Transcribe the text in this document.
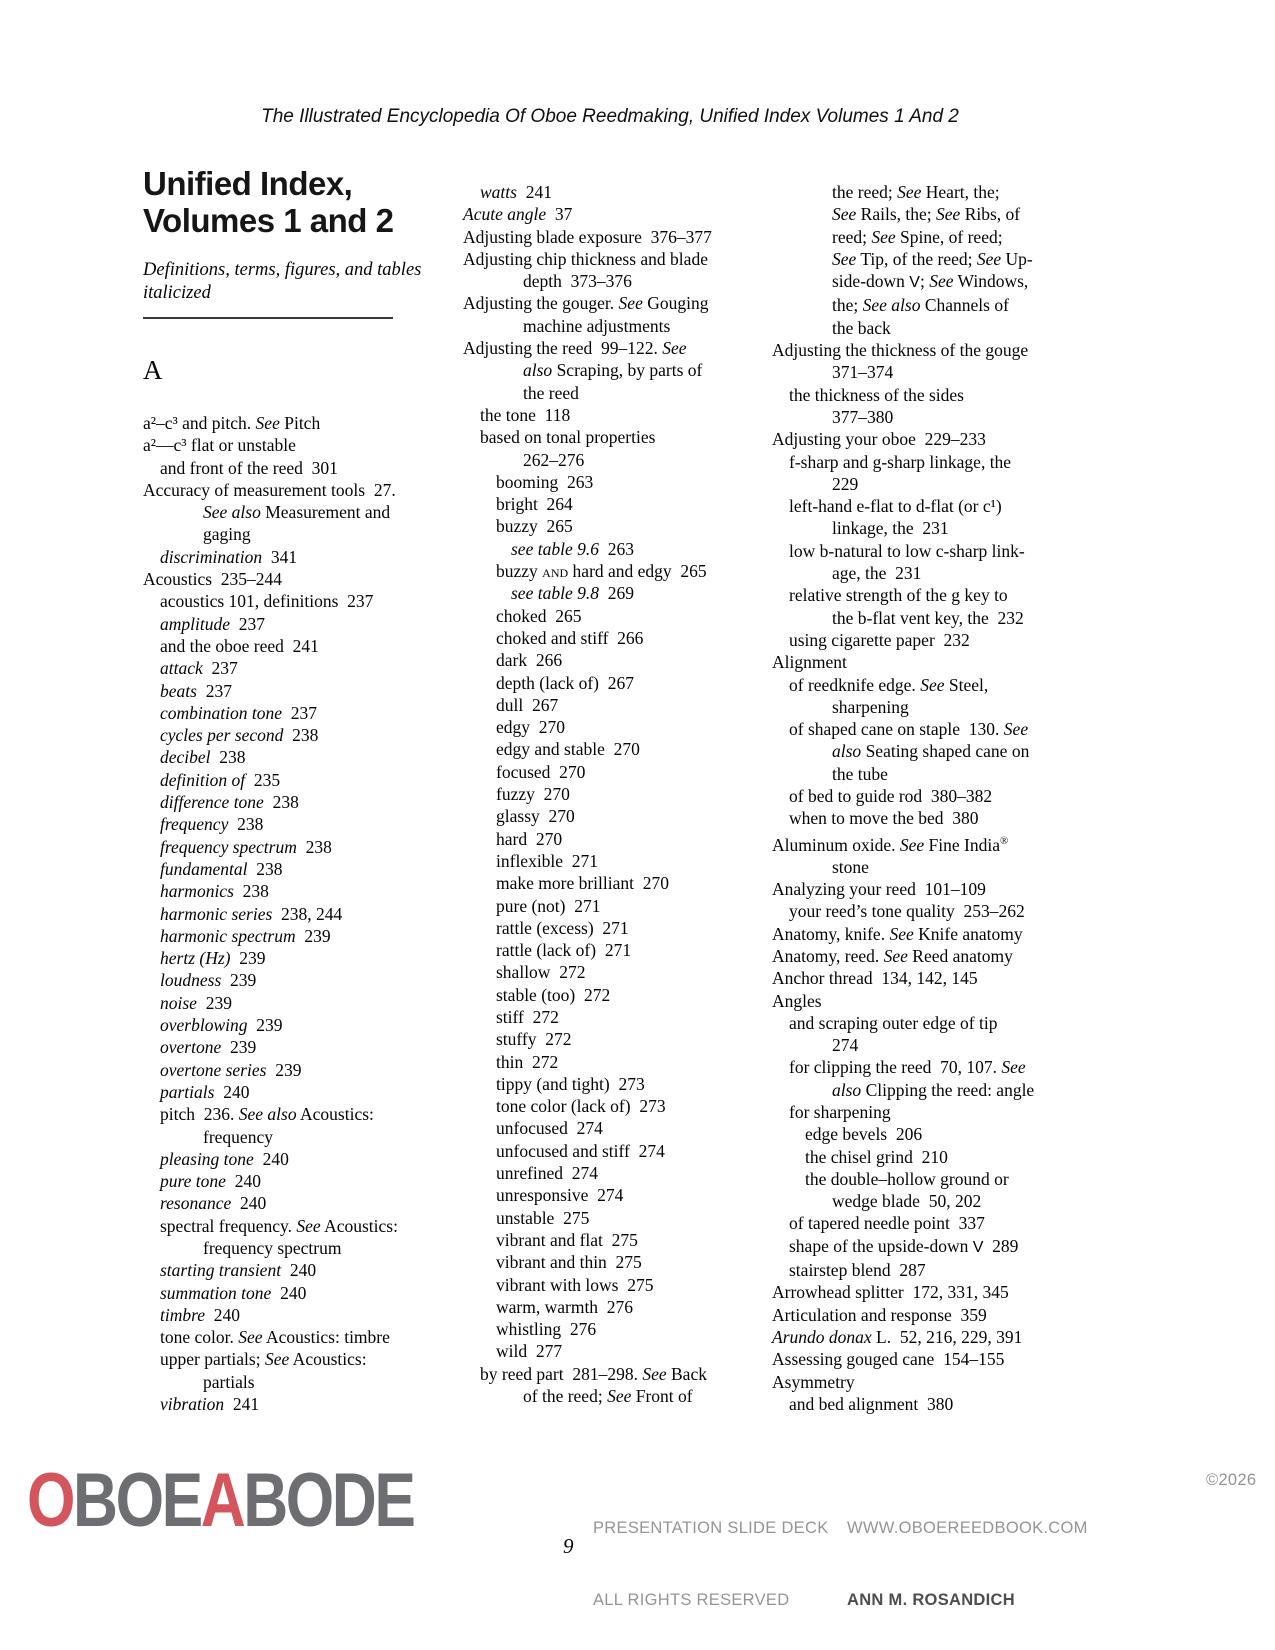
The Illustrated Encyclopedia Of Oboe Reedmaking, Unified Index Volumes 1 And 2
Unified Index,
Volumes 1 and 2
Definitions, terms, figures, and tables
italicized
A
a²–c³ and pitch. See Pitch
a²—c³ flat or unstable
and front of the reed  301
Accuracy of measurement tools  27.
See also Measurement and
gaging
discrimination  341
Acoustics  235–244
acoustics 101, definitions  237
amplitude  237
and the oboe reed  241
attack  237
beats  237
combination tone  237
cycles per second  238
decibel  238
definition of  235
difference tone  238
frequency  238
frequency spectrum  238
fundamental  238
harmonics  238
harmonic series  238, 244
harmonic spectrum  239
hertz (Hz)  239
loudness  239
noise  239
overblowing  239
overtone  239
overtone series  239
partials  240
pitch  236. See also Acoustics:
frequency
pleasing tone  240
pure tone  240
resonance  240
spectral frequency. See Acoustics:
frequency spectrum
starting transient  240
summation tone  240
timbre  240
tone color. See Acoustics: timbre
upper partials; See Acoustics:
partials
vibration  241
watts  241
Acute angle  37
Adjusting blade exposure  376–377
Adjusting chip thickness and blade
depth  373–376
Adjusting the gouger. See Gouging
machine adjustments
Adjusting the reed  99–122. See
also Scraping, by parts of
the reed
the tone  118
based on tonal properties
262–276
booming  263
bright  264
buzzy  265
see table 9.6  263
buzzy and hard and edgy  265
see table 9.8  269
choked  265
choked and stiff  266
dark  266
depth (lack of)  267
dull  267
edgy  270
edgy and stable  270
focused  270
fuzzy  270
glassy  270
hard  270
inflexible  271
make more brilliant  270
pure (not)  271
rattle (excess)  271
rattle (lack of)  271
shallow  272
stable (too)  272
stiff  272
stuffy  272
thin  272
tippy (and tight)  273
tone color (lack of)  273
unfocused  274
unfocused and stiff  274
unrefined  274
unresponsive  274
unstable  275
vibrant and flat  275
vibrant and thin  275
vibrant with lows  275
warm, warmth  276
whistling  276
wild  277
by reed part  281–298. See Back
of the reed; See Front of
the reed; See Heart, the;
See Rails, the; See Ribs, of
reed; See Spine, of reed;
See Tip, of the reed; See Up-
side-down V; See Windows,
the; See also Channels of
the back
Adjusting the thickness of the gouge
371–374
the thickness of the sides
377–380
Adjusting your oboe  229–233
f-sharp and g-sharp linkage, the
229
left-hand e-flat to d-flat (or c¹)
linkage, the  231
low b-natural to low c-sharp link-
age, the  231
relative strength of the g key to
the b-flat vent key, the  232
using cigarette paper  232
Alignment
of reedknife edge. See Steel,
sharpening
of shaped cane on staple  130. See
also Seating shaped cane on
the tube
of bed to guide rod  380–382
when to move the bed  380
Aluminum oxide. See Fine India®
stone
Analyzing your reed  101–109
your reed’s tone quality  253–262
Anatomy, knife. See Knife anatomy
Anatomy, reed. See Reed anatomy
Anchor thread  134, 142, 145
Angles
and scraping outer edge of tip
274
for clipping the reed  70, 107. See
also Clipping the reed: angle
for sharpening
edge bevels  206
the chisel grind  210
the double–hollow ground or
wedge blade  50, 202
of tapered needle point  337
shape of the upside-down V  289
stairstep blend  287
Arrowhead splitter  172, 331, 345
Articulation and response  359
Arundo donax L.  52, 216, 229, 391
Assessing gouged cane  154–155
Asymmetry
and bed alignment  380
OBOEABODE

	PRESENTATION SLIDE DECK

ALL RIGHTS RESERVED

WWW.OBOEREEDBOOK.COM

ANN M. ROSANDICH

©2026
9
